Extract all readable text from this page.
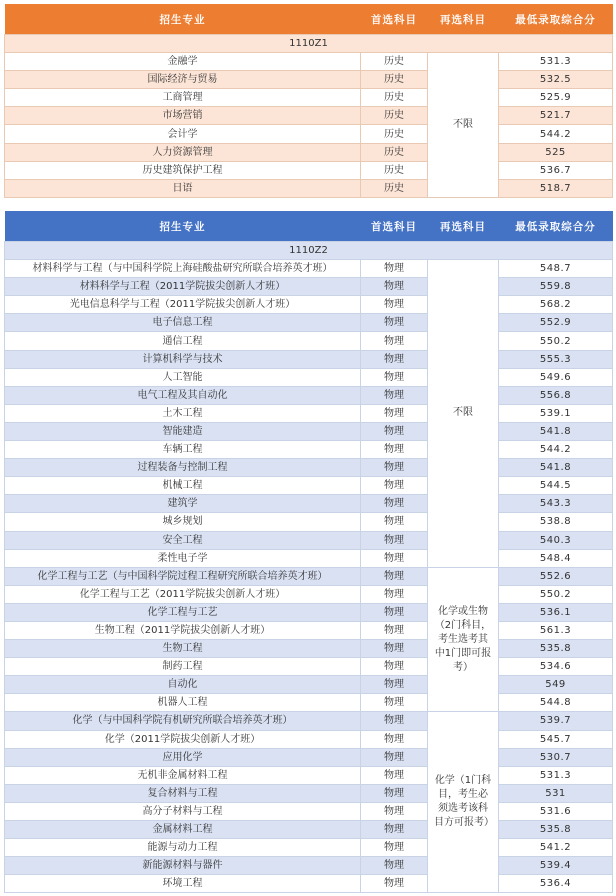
招生专业	首选科目	再选科目	最低录取综合分
1110Z1			
金融学	历史	不限	531.3
国际经济与贸易	历史		532.5
工商管理	历史		525.9
市场营销	历史		521.7
会计学	历史		544.2
人力资源管理	历史		525
历史建筑保护工程	历史		536.7
日语	历史		518.7
招生专业	首选科目	再选科目	最低录取综合分
1110Z2			
材料科学与工程（与中国科学院上海硅酸盐研究所联合培养英才班）	物理	不限	548.7
材料科学与工程（2011学院拔尖创新人才班）	物理		559.8
光电信息科学与工程（2011学院拔尖创新人才班）	物理		568.2
电子信息工程	物理		552.9
通信工程	物理		550.2
计算机科学与技术	物理		555.3
人工智能	物理		549.6
电气工程及其自动化	物理		556.8
土木工程	物理		539.1
智能建造	物理		541.8
车辆工程	物理		544.2
过程装备与控制工程	物理		541.8
机械工程	物理		544.5
建筑学	物理		543.3
城乡规划	物理		538.8
安全工程	物理		540.3
柔性电子学	物理		548.4
化学工程与工艺（与中国科学院过程工程研究所联合培养英才班）	物理	化学或生物（2门科目，考生选考其中1门即可报考）	552.6
化学工程与工艺（2011学院拔尖创新人才班）	物理		550.2
化学工程与工艺	物理		536.1
生物工程（2011学院拔尖创新人才班）	物理		561.3
生物工程	物理		535.8
制药工程	物理		534.6
自动化	物理		549
机器人工程	物理		544.8
化学（与中国科学院有机研究所联合培养英才班）	物理	化学（1门科目，考生必须选考该科目方可报考）	539.7
化学（2011学院拔尖创新人才班）	物理		545.7
应用化学	物理		530.7
无机非金属材料工程	物理		531.3
复合材料与工程	物理		531
高分子材料与工程	物理		531.6
金属材料工程	物理		535.8
能源与动力工程	物理		541.2
新能源材料与器件	物理		539.4
环境工程	物理		536.4
